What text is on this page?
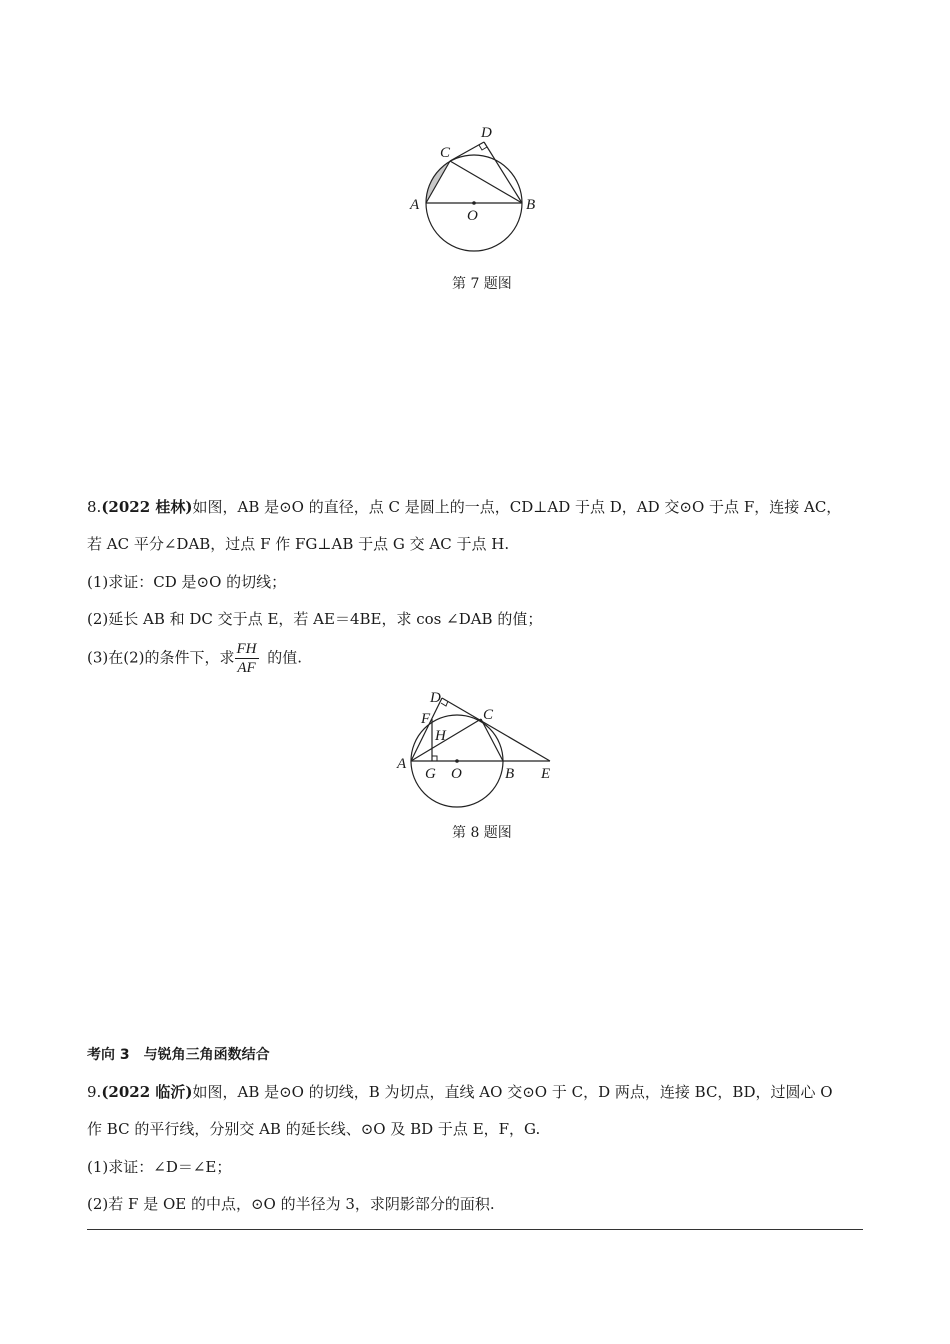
A	B
C
D
O
第 7 题图
8.(2022 桂林)如图，AB 是⊙O 的直径，点 C 是圆上的一点，CD⊥AD 于点 D，AD 交⊙O 于点 F，连接 AC，
若 AC 平分∠DAB，过点 F 作 FG⊥AB 于点 G 交 AC 于点 H.
(1)求证：CD 是⊙O 的切线；
(2)延长 AB 和 DC 交于点 E，若 AE＝4BE，求 cos ∠DAB 的值；
(3)在(2)的条件下，求 $\frac{FH}{AF}$ 的值.
A
B
C
D
E
F
G
H
O
第 8 题图
考向 3　与锐角三角函数结合
9.(2022 临沂)如图，AB 是⊙O 的切线，B 为切点，直线 AO 交⊙O 于 C，D 两点，连接 BC，BD，过圆心 O
作 BC 的平行线，分别交 AB 的延长线、⊙O 及 BD 于点 E，F，G.
(1)求证：∠D＝∠E；
(2)若 F 是 OE 的中点，⊙O 的半径为 3，求阴影部分的面积.
